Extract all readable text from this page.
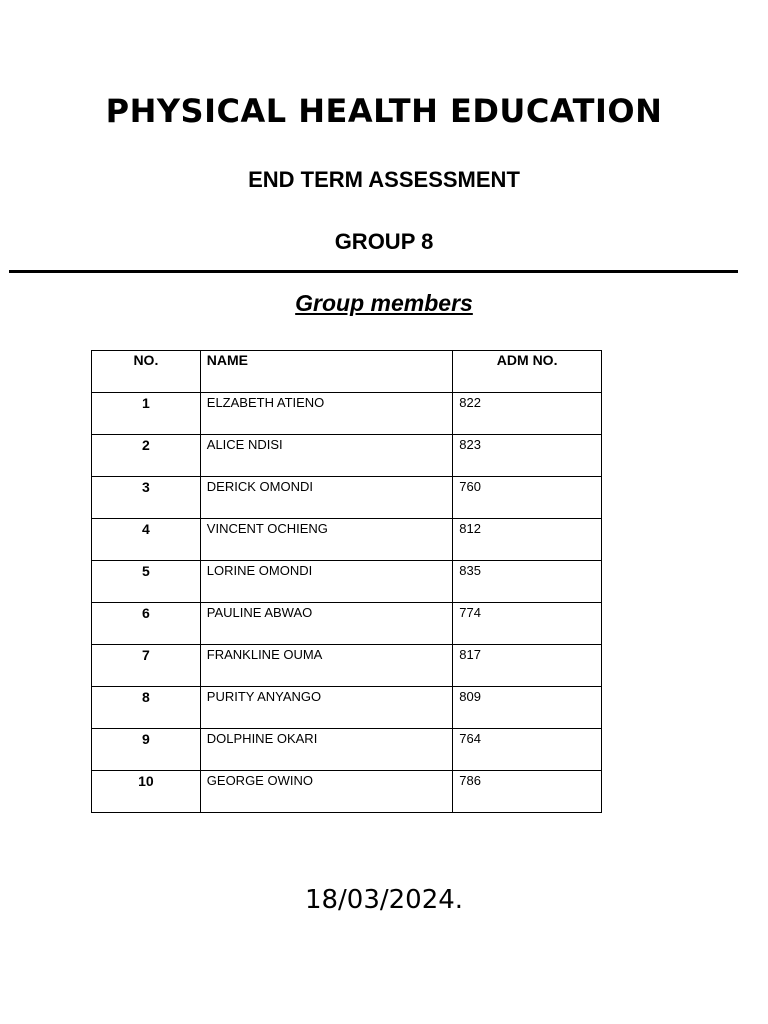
PHYSICAL HEALTH EDUCATION
END TERM ASSESSMENT
GROUP 8
Group members
NO.	NAME	ADM NO.
1	ELZABETH ATIENO	822
2	ALICE NDISI	823
3	DERICK OMONDI	760
4	VINCENT OCHIENG	812
5	LORINE OMONDI	835
6	PAULINE ABWAO	774
7	FRANKLINE OUMA	817
8	PURITY ANYANGO	809
9	DOLPHINE OKARI	764
10	GEORGE OWINO	786

18/03/2024.
